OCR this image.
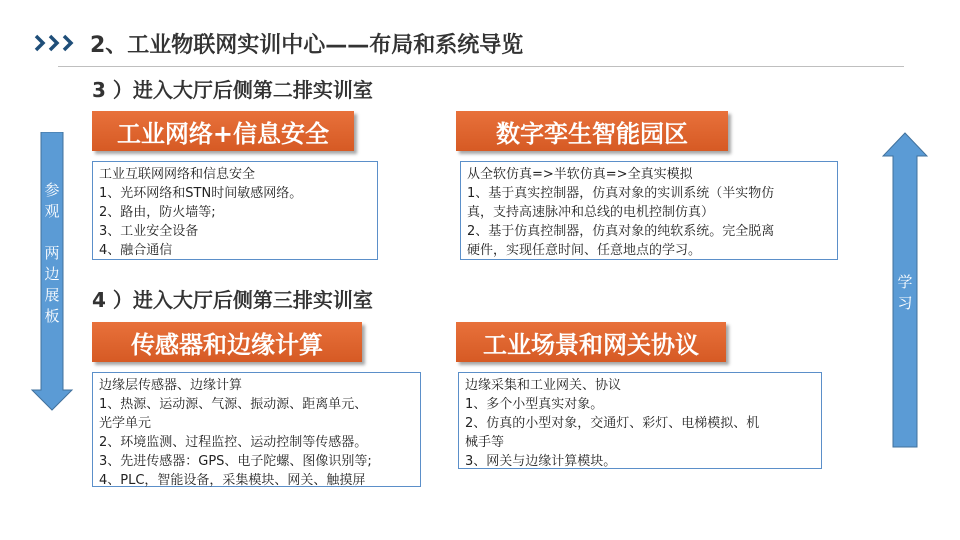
2、工业物联网实训中心——布局和系统导览
3 ）进入大厅后侧第二排实训室
工业网络+信息安全
工业互联网网络和信息安全
1、光环网络和STN时间敏感网络。
2、路由，防火墙等;
3、工业安全设备
4、融合通信
数字孪生智能园区
从全软仿真=>半软仿真=>全真实模拟
1、基于真实控制器，仿真对象的实训系统（半实物仿
真，支持高速脉冲和总线的电机控制仿真）
2、基于仿真控制器，仿真对象的纯软系统。完全脱离
硬件，实现任意时间、任意地点的学习。
4 ）进入大厅后侧第三排实训室
传感器和边缘计算
边缘层传感器、边缘计算
1、热源、运动源、气源、振动源、距离单元、
光学单元
2、环境监测、过程监控、运动控制等传感器。
3、先进传感器：GPS、电子陀螺、图像识别等;
4、PLC，智能设备，采集模块、网关、触摸屏
工业场景和网关协议
边缘采集和工业网关、协议
1、多个小型真实对象。
2、仿真的小型对象，交通灯、彩灯、电梯模拟、机
械手等
3、网关与边缘计算模块。
参
观
两
边
展
板
学
习
